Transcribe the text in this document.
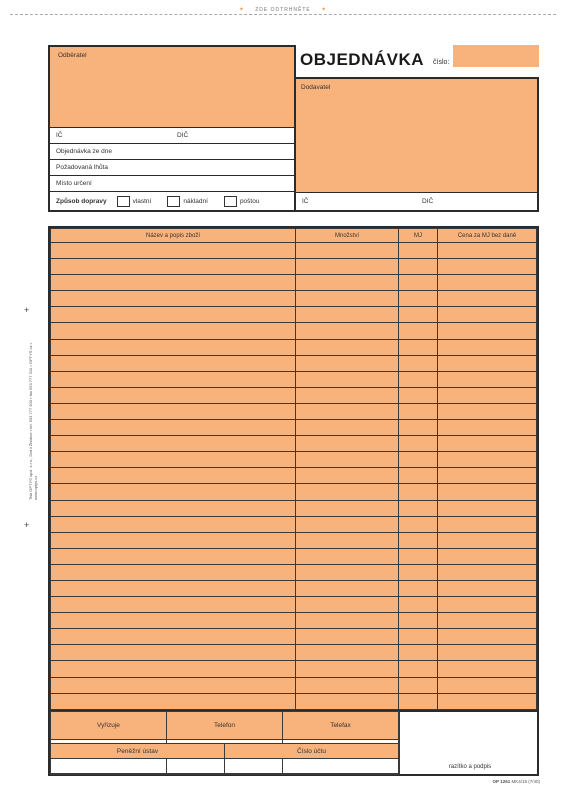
✦ ZDE ODTRHNĚTE ✦
+
+
Tisk OPTYS spol. s r.o., Dolní Životice • tel. 553 777 300 • fax 553 777 310 • OPTYS.cz • www.optys.cz
Odběratel
IČ	DIČ
Objednávka ze dne
Požadovaná lhůta
Místo určení
Způsob dopravy	vlastní	nákladní	poštou
OBJEDNÁVKA číslo:
Dodavatel
IČ	DIČ
Název a popis zboží	Množství	MJ	Cena za MJ bez daně

Vyřizuje	Telefon	Telefax

Peněžní ústav	Číslo účtu

razítko a podpis
OP 1261 MK4/15 (7/40)
